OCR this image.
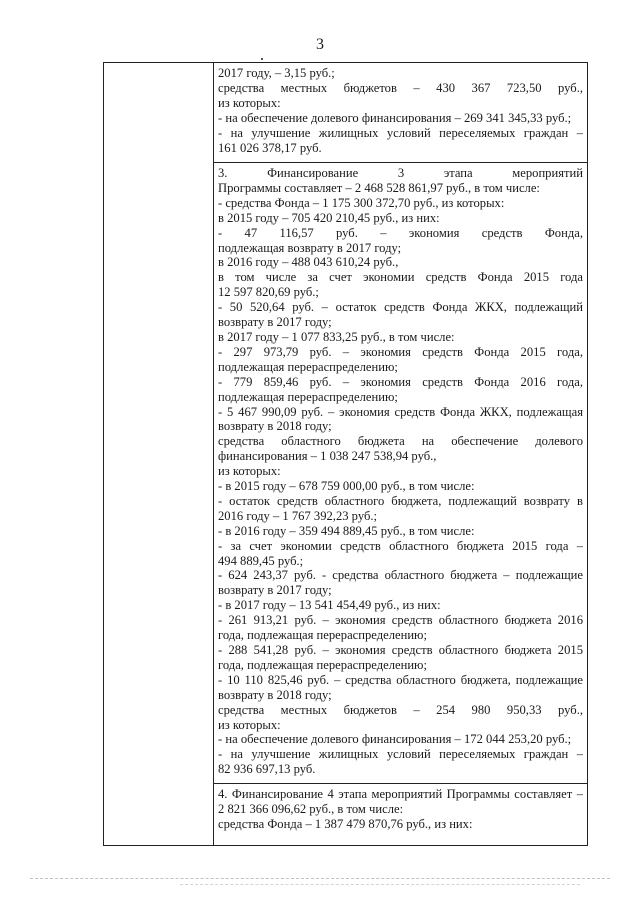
3
2017 году, – 3,15 руб.;
средства местных бюджетов – 430 367 723,50 руб.,
из которых:
- на обеспечение долевого финансирования – 269 341 345,33 руб.;
- на улучшение жилищных условий переселяемых граждан –
161 026 378,17 руб.
3. Финансирование 3 этапа мероприятий
Программы составляет – 2 468 528 861,97 руб., в том числе:
- средства Фонда – 1 175 300 372,70 руб., из которых:
в 2015 году – 705 420 210,45 руб., из них:
- 47 116,57 руб. – экономия средств Фонда,
подлежащая возврату в 2017 году;
в 2016 году – 488 043 610,24 руб.,
в том числе за счет экономии средств Фонда 2015 года
12 597 820,69 руб.;
- 50 520,64 руб. – остаток средств Фонда ЖКХ, подлежащий
возврату в 2017 году;
в 2017 году – 1 077 833,25 руб., в том числе:
- 297 973,79 руб. – экономия средств Фонда 2015 года,
подлежащая перераспределению;
- 779 859,46 руб. – экономия средств Фонда 2016 года,
подлежащая перераспределению;
- 5 467 990,09 руб. – экономия средств Фонда ЖКХ, подлежащая
возврату в 2018 году;
средства областного бюджета на обеспечение долевого
финансирования – 1 038 247 538,94 руб.,
из которых:
- в 2015 году – 678 759 000,00 руб., в том числе:
- остаток средств областного бюджета, подлежащий возврату в
2016 году – 1 767 392,23 руб.;
- в 2016 году – 359 494 889,45 руб., в том числе:
- за счет экономии средств областного бюджета 2015 года –
494 889,45 руб.;
- 624 243,37 руб. - средства областного бюджета – подлежащие
возврату в 2017 году;
- в 2017 году – 13 541 454,49 руб., из них:
- 261 913,21 руб. – экономия средств областного бюджета 2016
года, подлежащая перераспределению;
- 288 541,28 руб. – экономия средств областного бюджета 2015
года, подлежащая перераспределению;
- 10 110 825,46 руб. – средства областного бюджета, подлежащие
возврату в 2018 году;
средства местных бюджетов – 254 980 950,33 руб.,
из которых:
- на обеспечение долевого финансирования – 172 044 253,20 руб.;
- на улучшение жилищных условий переселяемых граждан –
82 936 697,13 руб.
4. Финансирование 4 этапа мероприятий Программы составляет –
2 821 366 096,62 руб., в том числе:
средства Фонда – 1 387 479 870,76 руб., из них:
